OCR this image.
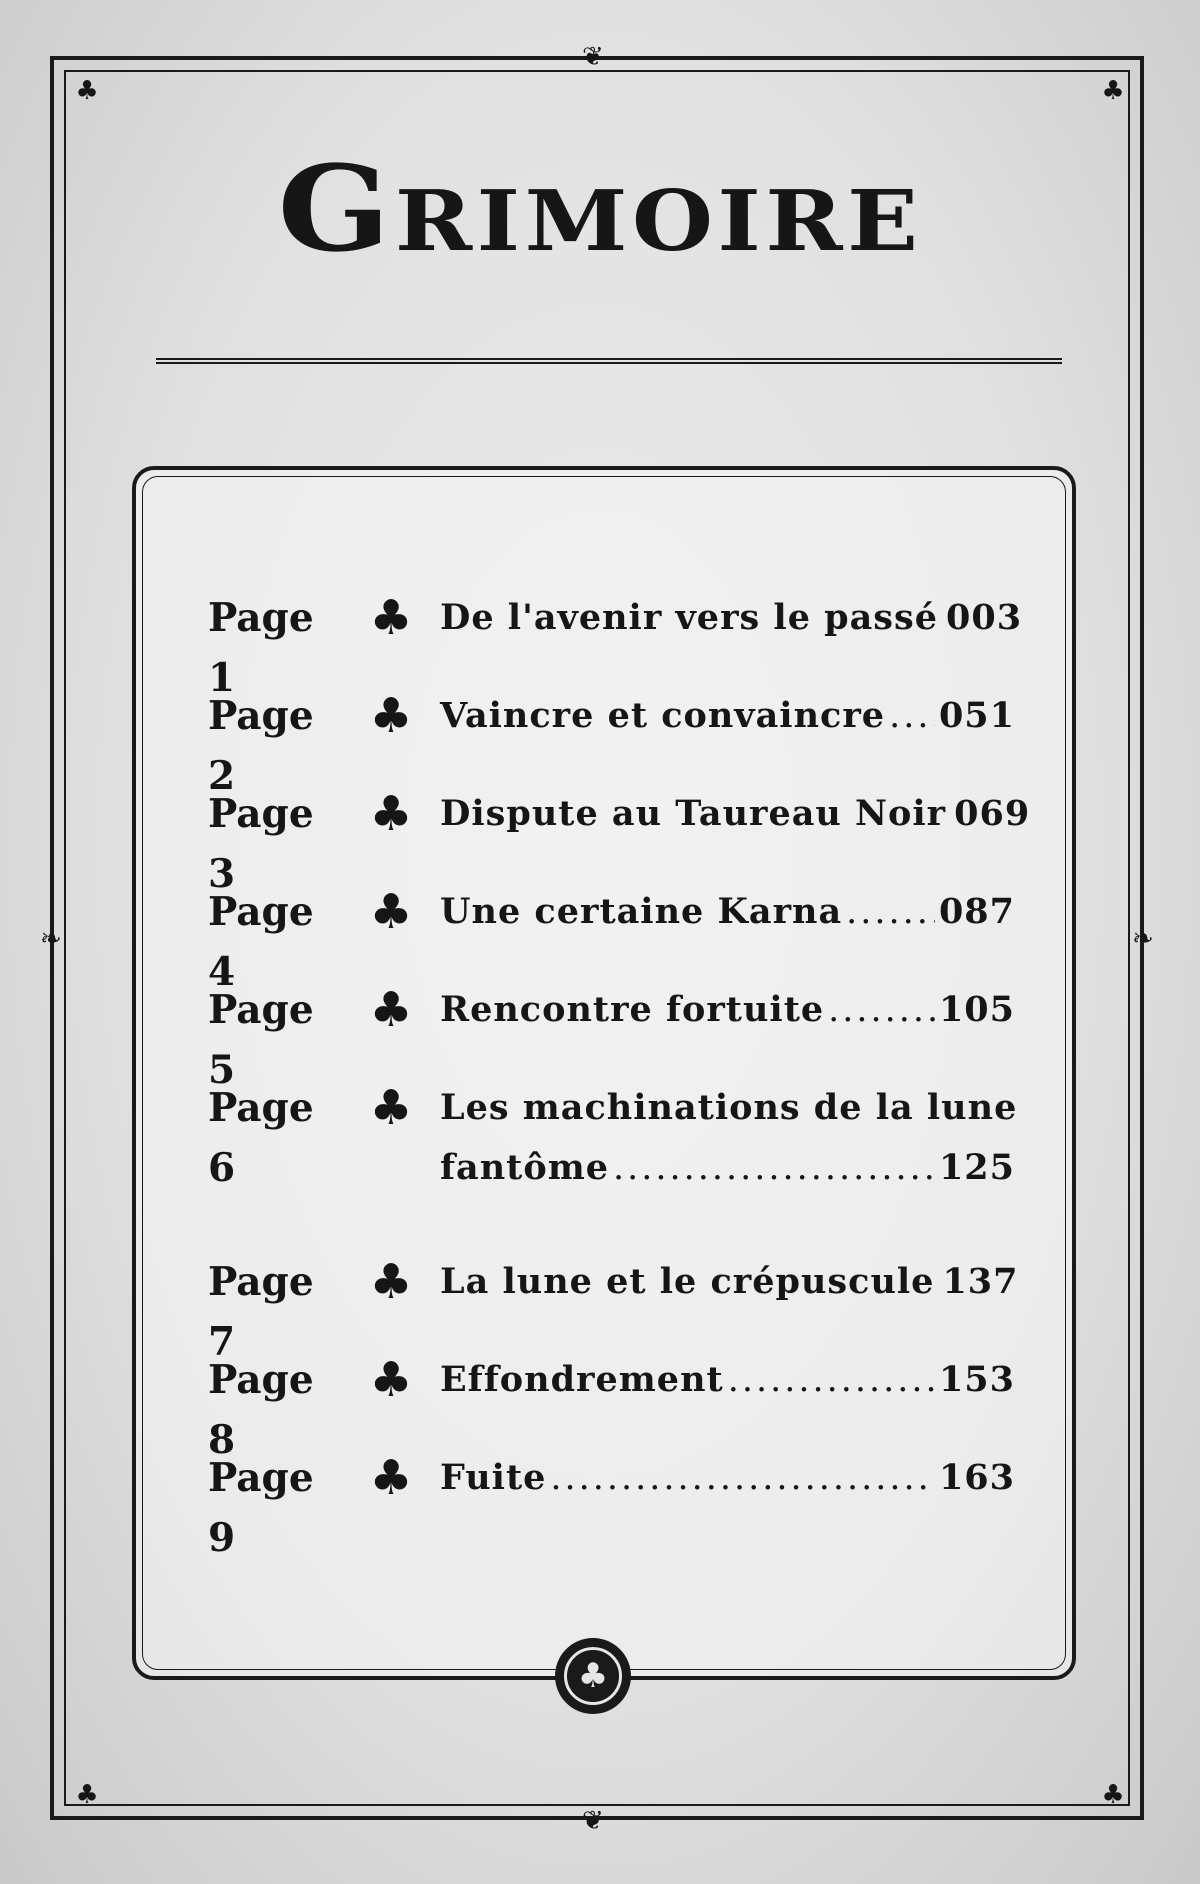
♣	♣
♣	♣
❦
❦
❧	❧
Grimoire
Page 1
♣ De l'avenir vers le passé 003
Page 2
♣ Vaincre et convaincre ..... 051
Page 3
♣ Dispute au Taureau Noir 069
Page 4
♣ Une certaine Karna .....	087
Page 5
♣ Rencontre fortuite .....	105
Page 6
♣ Les machinations de la lune
fantôme .....	125
Page 7
♣ La lune et le crépuscule 137
Page 8
♣ Effondrement .....	153
Page 9
♣ Fuite .....	163
♣
